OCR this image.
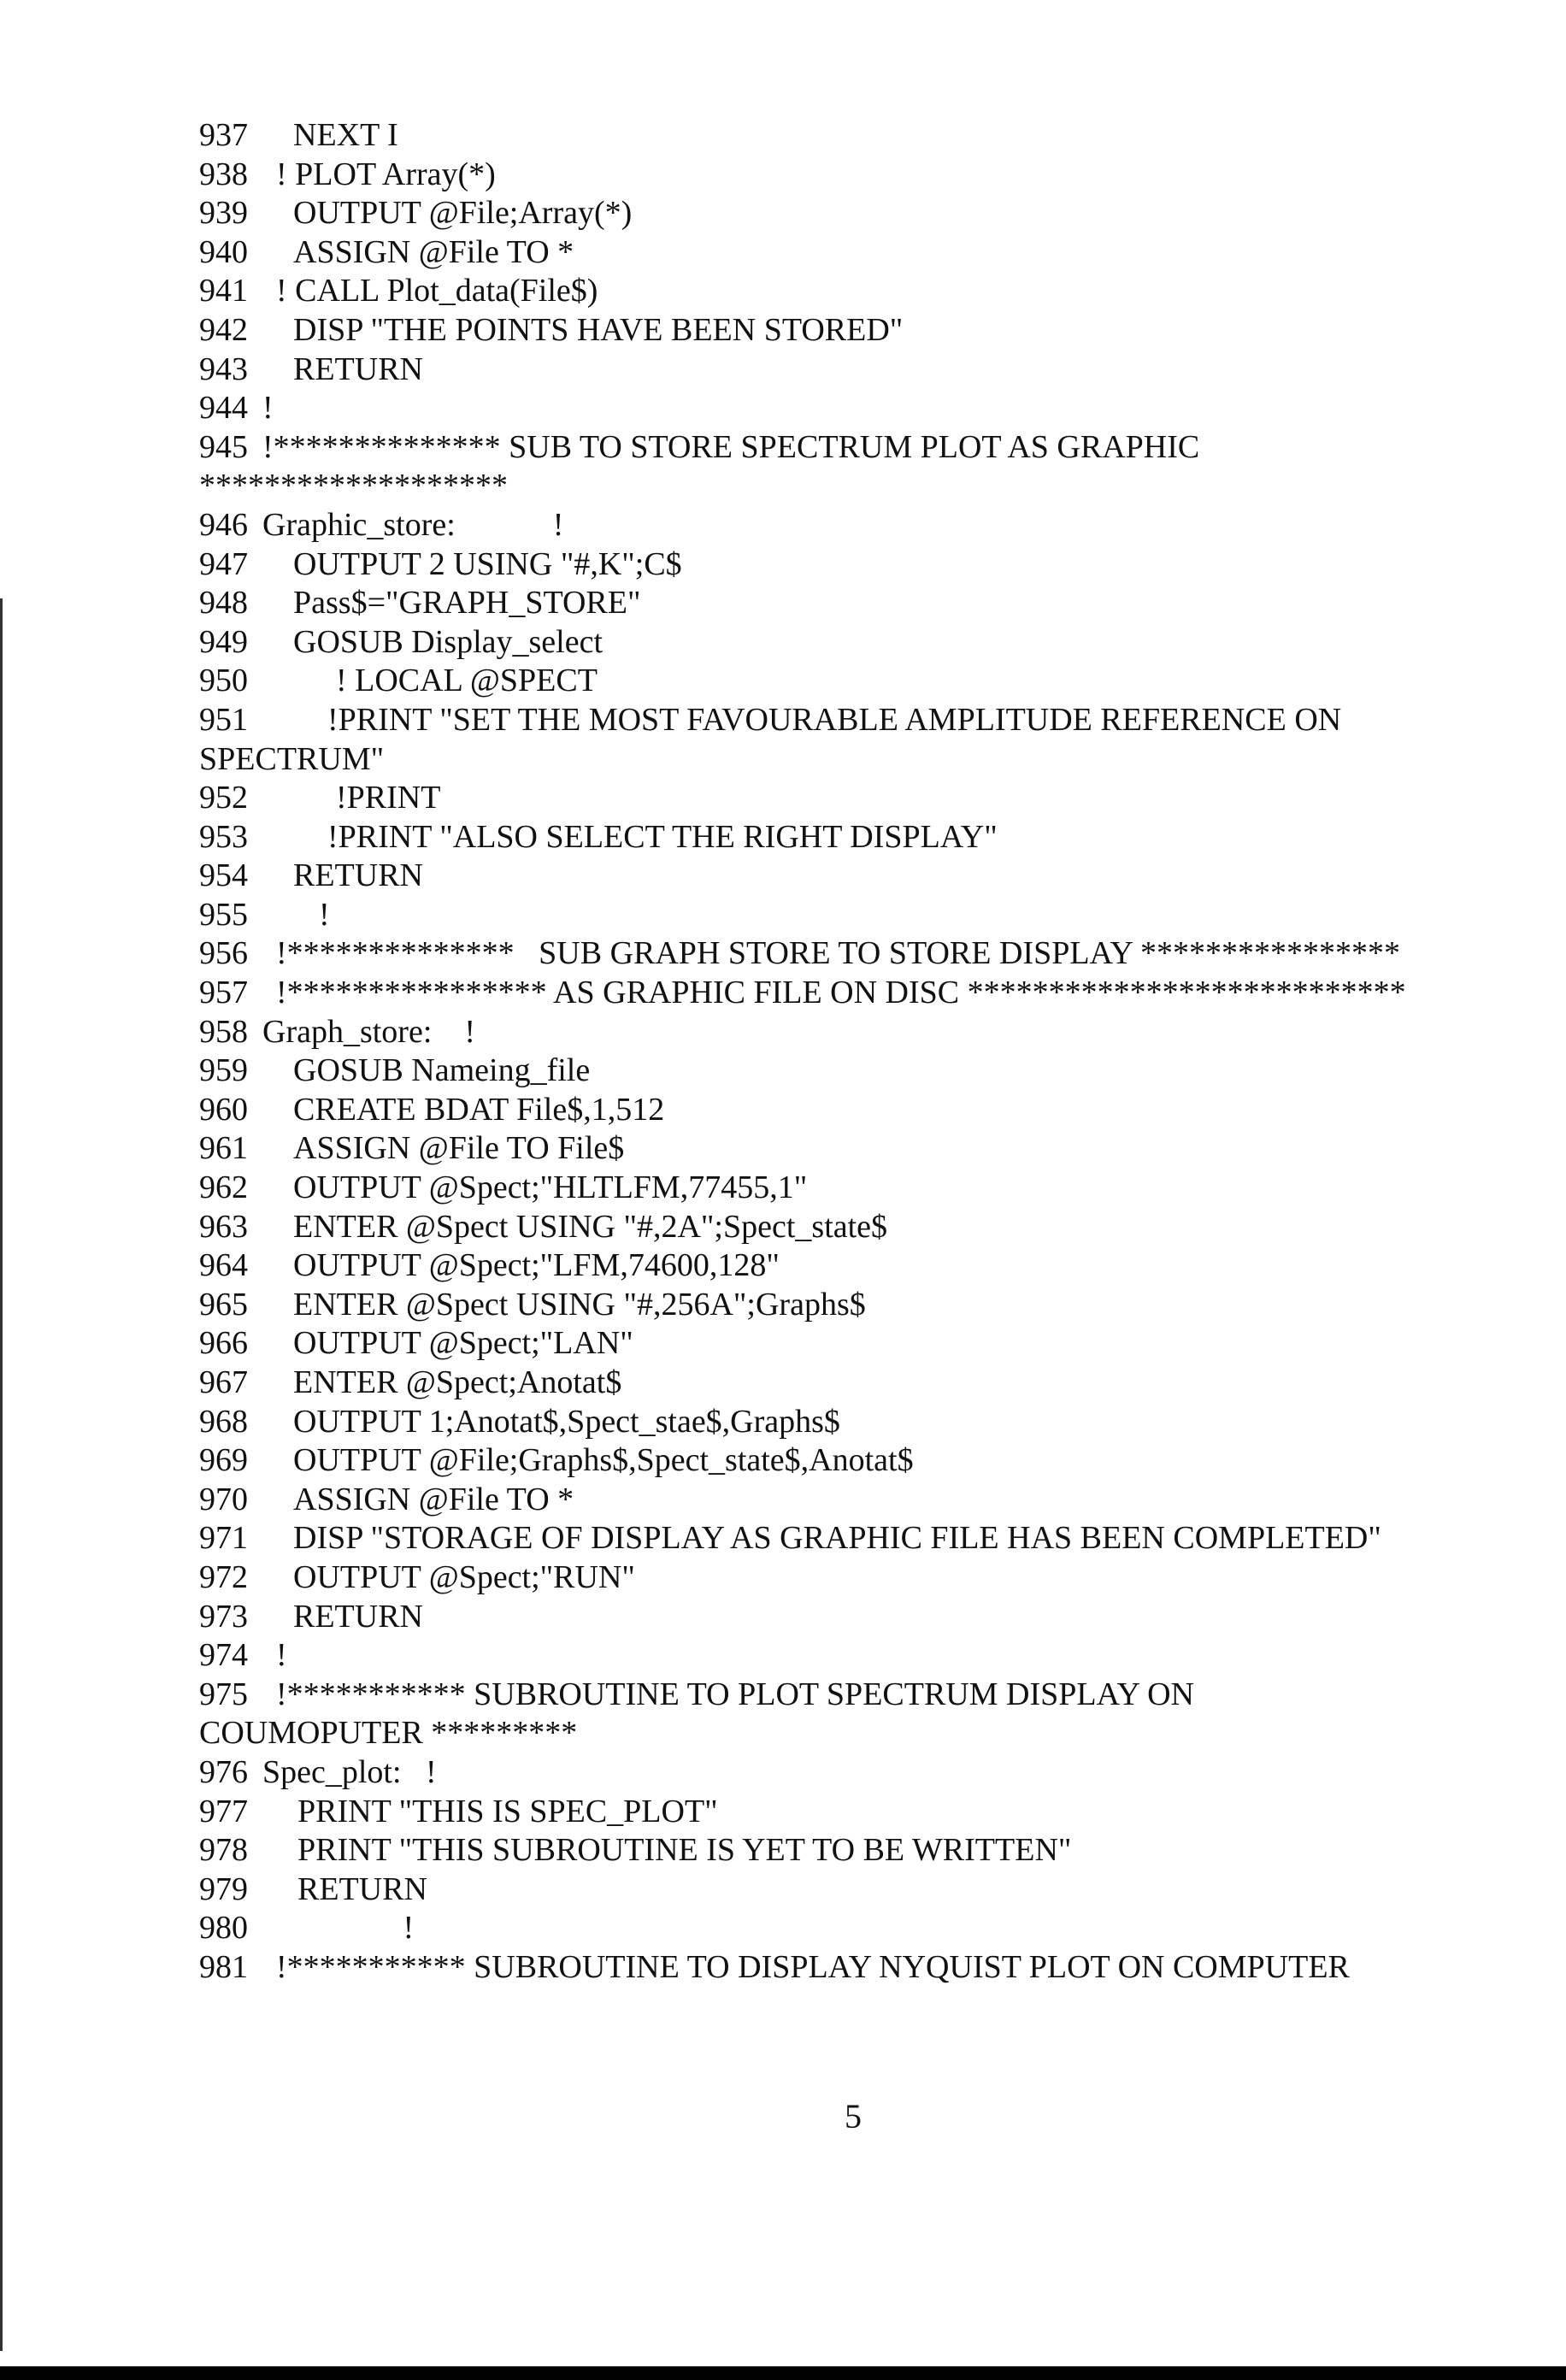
937 NEXT I
938 ! PLOT Array(*)
939 OUTPUT @File;Array(*)
940 ASSIGN @File TO *
941 ! CALL Plot_data(File$)
942 DISP "THE POINTS HAVE BEEN STORED"
943 RETURN
944 !
945 !************** SUB TO STORE SPECTRUM PLOT AS GRAPHIC
*******************
946 Graphic_store:            !
947 OUTPUT 2 USING "#,K";C$
948 Pass$="GRAPH_STORE"
949 GOSUB Display_select
950	! LOCAL @SPECT
951 !PRINT "SET THE MOST FAVOURABLE AMPLITUDE REFERENCE ON
SPECTRUM"
952	!PRINT
953 !PRINT "ALSO SELECT THE RIGHT DISPLAY"
954 RETURN
955 !
956 !**************   SUB GRAPH STORE TO STORE DISPLAY ****************
957 !**************** AS GRAPHIC FILE ON DISC ***************************
958 Graph_store:    !
959 GOSUB Nameing_file
960 CREATE BDAT File$,1,512
961 ASSIGN @File TO File$
962 OUTPUT @Spect;"HLTLFM,77455,1"
963 ENTER @Spect USING "#,2A";Spect_state$
964 OUTPUT @Spect;"LFM,74600,128"
965 ENTER @Spect USING "#,256A";Graphs$
966 OUTPUT @Spect;"LAN"
967 ENTER @Spect;Anotat$
968 OUTPUT 1;Anotat$,Spect_stae$,Graphs$
969 OUTPUT @File;Graphs$,Spect_state$,Anotat$
970 ASSIGN @File TO *
971 DISP "STORAGE OF DISPLAY AS GRAPHIC FILE HAS BEEN COMPLETED"
972 OUTPUT @Spect;"RUN"
973 RETURN
974 !
975 !*********** SUBROUTINE TO PLOT SPECTRUM DISPLAY ON
COUMOPUTER *********
976 Spec_plot:   !
977 PRINT "THIS IS SPEC_PLOT"
978 PRINT "THIS SUBROUTINE IS YET TO BE WRITTEN"
979 RETURN
980 !
981 !*********** SUBROUTINE TO DISPLAY NYQUIST PLOT ON COMPUTER
5
